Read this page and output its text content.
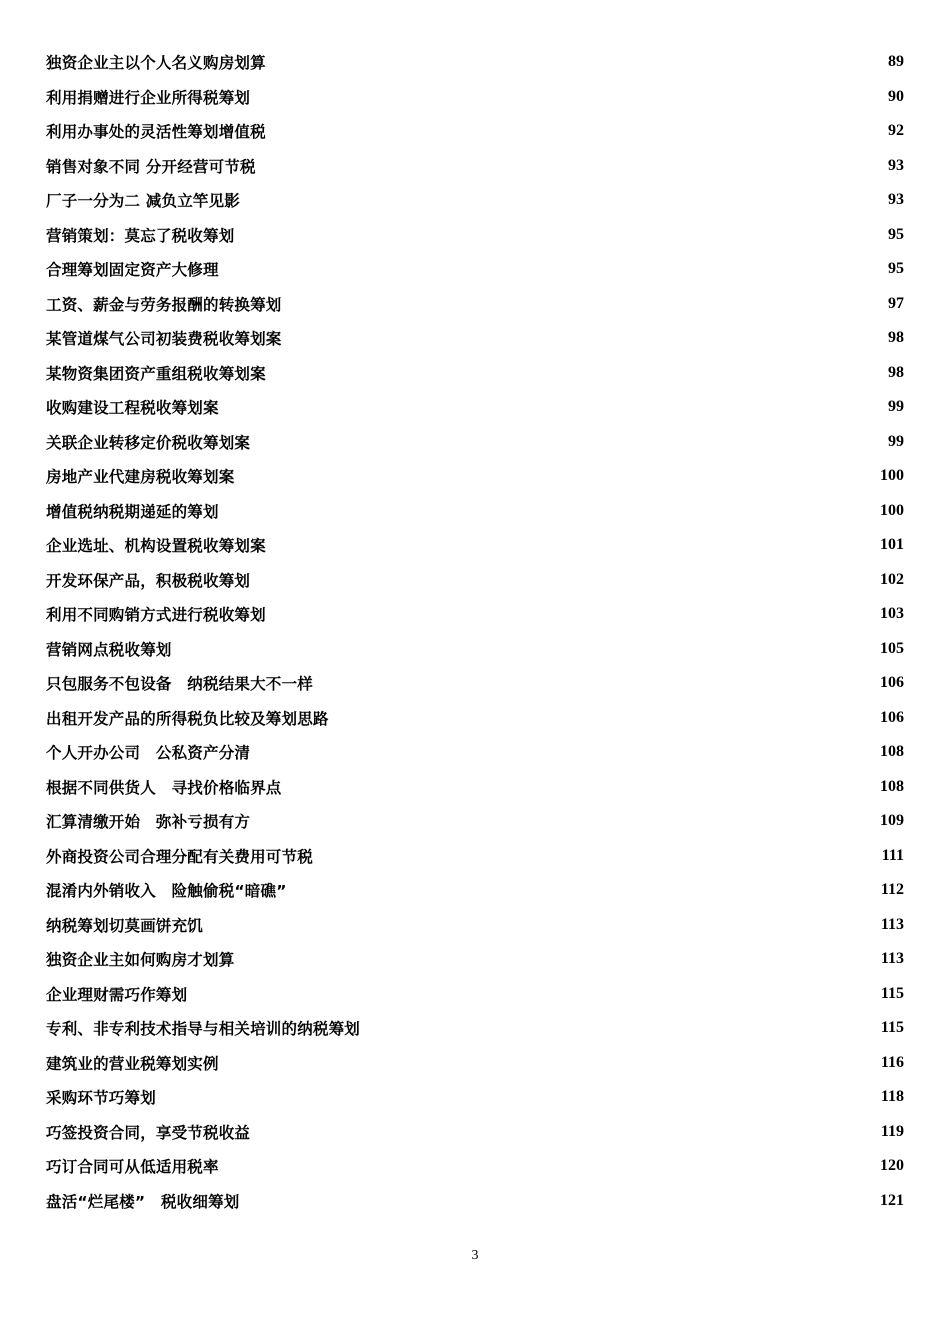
独资企业主以个人名义购房划算	89
利用捐赠进行企业所得税筹划	90
利用办事处的灵活性筹划增值税	92
销售对象不同 分开经营可节税	93
厂子一分为二 减负立竿见影	93
营销策划：莫忘了税收筹划	95
合理筹划固定资产大修理	95
工资、薪金与劳务报酬的转换筹划	97
某管道煤气公司初装费税收筹划案	98
某物资集团资产重组税收筹划案	98
收购建设工程税收筹划案	99
关联企业转移定价税收筹划案	99
房地产业代建房税收筹划案	100
增值税纳税期递延的筹划	100
企业选址、机构设置税收筹划案	101
开发环保产品，积极税收筹划	102
利用不同购销方式进行税收筹划	103
营销网点税收筹划	105
只包服务不包设备　纳税结果大不一样	106
出租开发产品的所得税负比较及筹划思路	106
个人开办公司　公私资产分清	108
根据不同供货人　寻找价格临界点	108
汇算清缴开始　弥补亏损有方	109
外商投资公司合理分配有关费用可节税	111
混淆内外销收入　险触偷税“暗礁”	112
纳税筹划切莫画饼充饥	113
独资企业主如何购房才划算	113
企业理财需巧作筹划	115
专利、非专利技术指导与相关培训的纳税筹划	115
建筑业的营业税筹划实例	116
采购环节巧筹划	118
巧签投资合同，享受节税收益	119
巧订合同可从低适用税率	120
盘活“烂尾楼”　税收细筹划	121
3
